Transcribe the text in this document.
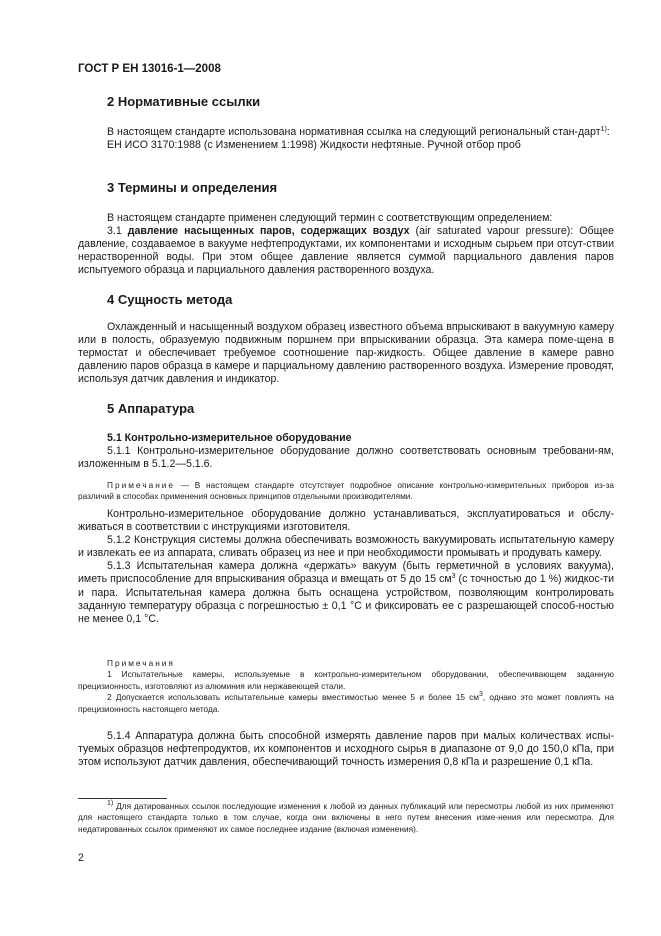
ГОСТ Р ЕН 13016-1—2008
2 Нормативные ссылки

В настоящем стандарте использована нормативная ссылка на следующий региональный стан-дарт$^{1)}$:

ЕН ИСО 3170:1988 (с Изменением 1:1998) Жидкости нефтяные. Ручной отбор проб

3 Термины и определения

В настоящем стандарте применен следующий термин с соответствующим определением:

3.1 давление насыщенных паров, содержащих воздух (air saturated vapour pressure): Общее давление, создаваемое в вакууме нефтепродуктами, их компонентами и исходным сырьем при отсут-ствии нерастворенной воды. При этом общее давление является суммой парциального давления паров испытуемого образца и парциального давления растворенного воздуха.

4 Сущность метода

Охлажденный и насыщенный воздухом образец известного объема впрыскивают в вакуумную камеру или в полость, образуемую подвижным поршнем при впрыскивании образца. Эта камера поме-щена в термостат и обеспечивает требуемое соотношение пар-жидкость. Общее давление в камере равно давлению паров образца в камере и парциальному давлению растворенного воздуха. Измерение проводят, используя датчик давления и индикатор.

5 Аппаратура

5.1 Контрольно-измерительное оборудование

5.1.1 Контрольно-измерительное оборудование должно соответствовать основным требовани-ям, изложенным в 5.1.2—5.1.6.

Примечание — В настоящем стандарте отсутствует подробное описание контрольно-измерительных приборов из-за различий в способах применения основных принципов отдельными производителями.

Контрольно-измерительное оборудование должно устанавливаться, эксплуатироваться и обслу-живаться в соответствии с инструкциями изготовителя.

5.1.2 Конструкция системы должна обеспечивать возможность вакуумировать испытательную камеру и извлекать ее из аппарата, сливать образец из нее и при необходимости промывать и продувать камеру.

5.1.3 Испытательная камера должна «держать» вакуум (быть герметичной в условиях вакуума), иметь приспособление для впрыскивания образца и вмещать от 5 до 15 $см^3$ (с точностью до 1 %) жидкос-ти и пара. Испытательная камера должна быть оснащена устройством, позволяющим контролировать заданную температуру образца с погрешностью ± 0,1 °С и фиксировать ее с разрешающей способ-ностью не менее 0,1 °С.

Примечания

1 Испытательные камеры, используемые в контрольно-измерительном оборудовании, обеспечивающем заданную прецизионность, изготовляют из алюминия или нержавеющей стали.

2 Допускается использовать испытательные камеры вместимостью менее 5 и более 15 $см^3$, однако это может повлиять на прецизионность настоящего метода.

5.1.4 Аппаратура должна быть способной измерять давление паров при малых количествах испы-туемых образцов нефтепродуктов, их компонентов и исходного сырья в диапазоне от 9,0 до 150,0 кПа, при этом используют датчик давления, обеспечивающий точность измерения 0,8 кПа и разрешение 0,1 кПа.

$^{1)}$ Для датированных ссылок последующие изменения к любой из данных публикаций или пересмотры любой из них применяют для настоящего стандарта только в том случае, когда они включены в него путем внесения изме-нения или пересмотра. Для недатированных ссылок применяют их самое последнее издание (включая изменения).

2
